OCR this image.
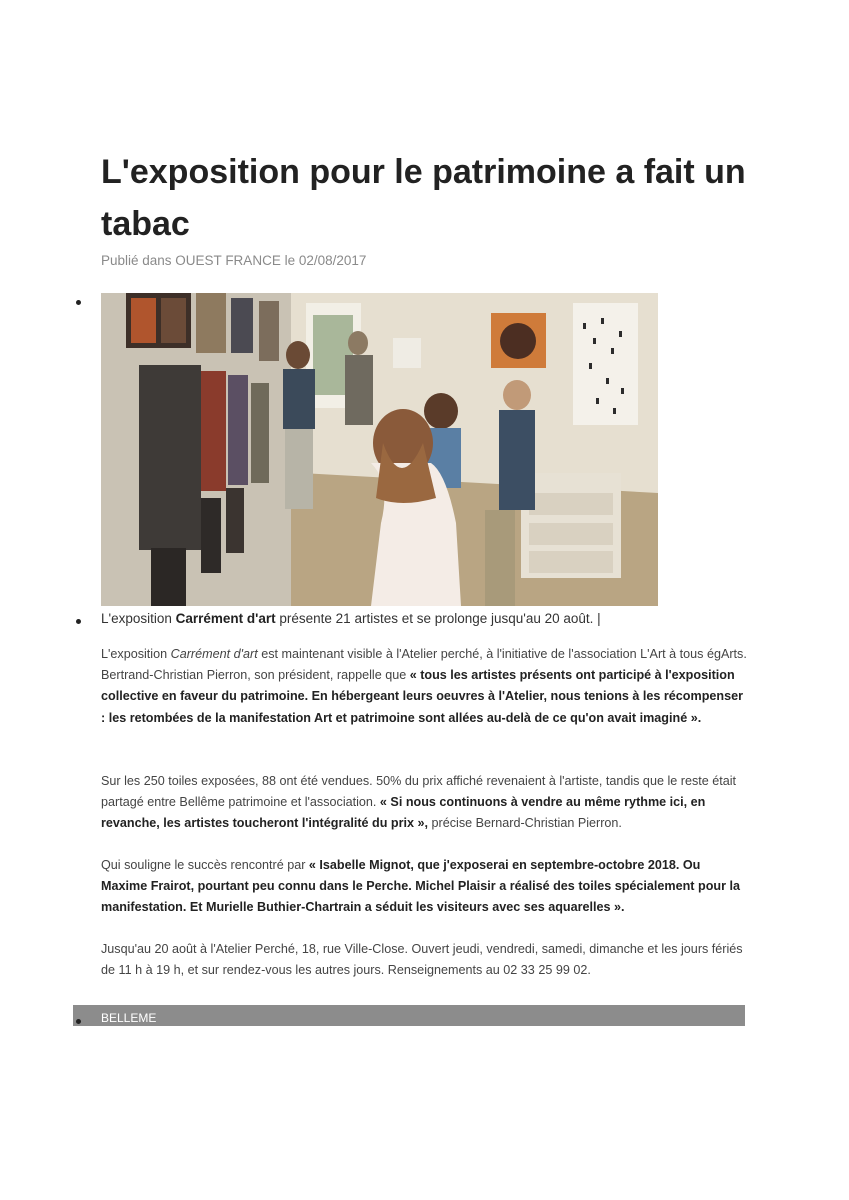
L'exposition pour le patrimoine a fait un tabac
Publié dans OUEST FRANCE le 02/08/2017
L'exposition Carrément d'art présente 21 artistes et se prolonge jusqu'au 20 août. |
L'exposition Carrément d'art est maintenant visible à l'Atelier perché, à l'initiative de l'association L'Art à tous égArts. Bertrand-Christian Pierron, son président, rappelle que « tous les artistes présents ont participé à l'exposition collective en faveur du patrimoine. En hébergeant leurs oeuvres à l'Atelier, nous tenions à les récompenser : les retombées de la manifestation Art et patrimoine sont allées au-delà de ce qu'on avait imaginé ».
Sur les 250 toiles exposées, 88 ont été vendues. 50% du prix affiché revenaient à l'artiste, tandis que le reste était partagé entre Bellême patrimoine et l'association. « Si nous continuons à vendre au même rythme ici, en revanche, les artistes toucheront l'intégralité du prix », précise Bernard-Christian Pierron.
Qui souligne le succès rencontré par « Isabelle Mignot, que j'exposerai en septembre-octobre 2018. Ou Maxime Frairot, pourtant peu connu dans le Perche. Michel Plaisir a réalisé des toiles spécialement pour la manifestation. Et Murielle Buthier-Chartrain a séduit les visiteurs avec ses aquarelles ».
Jusqu'au 20 août à l'Atelier Perché, 18, rue Ville-Close. Ouvert jeudi, vendredi, samedi, dimanche et les jours fériés de 11 h à 19 h, et sur rendez-vous les autres jours. Renseignements au 02 33 25 99 02.
BELLEME
